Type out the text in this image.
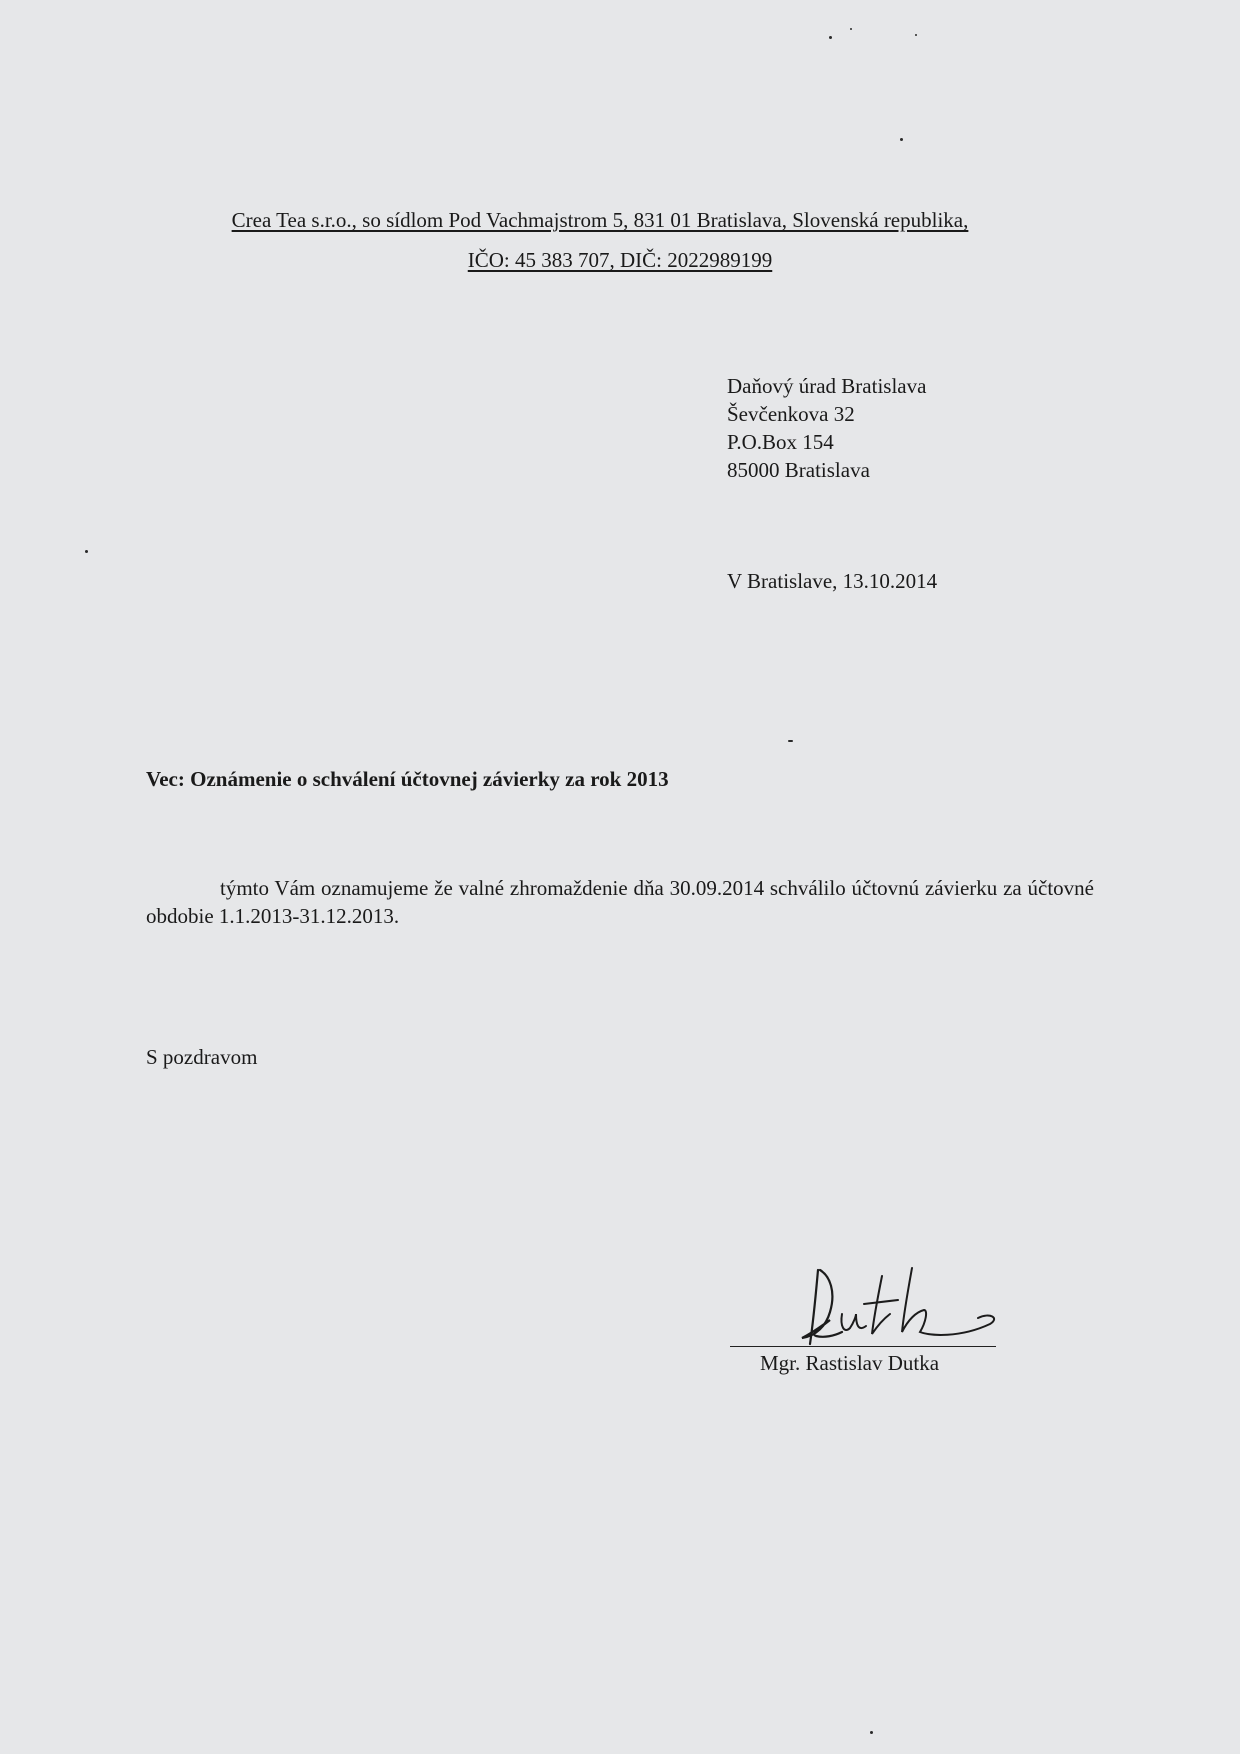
Crea Tea s.r.o., so sídlom Pod Vachmajstrom 5, 831 01 Bratislava, Slovenská republika,
IČO: 45 383 707, DIČ: 2022989199
Daňový úrad Bratislava
Ševčenkova 32
P.O.Box 154
85000 Bratislava
V Bratislave, 13.10.2014
Vec: Oznámenie o schválení účtovnej závierky za rok 2013
týmto Vám oznamujeme že valné zhromaždenie dňa 30.09.2014 schválilo účtovnú závierku za účtovné obdobie 1.1.2013-31.12.2013.
S pozdravom
Mgr. Rastislav Dutka
